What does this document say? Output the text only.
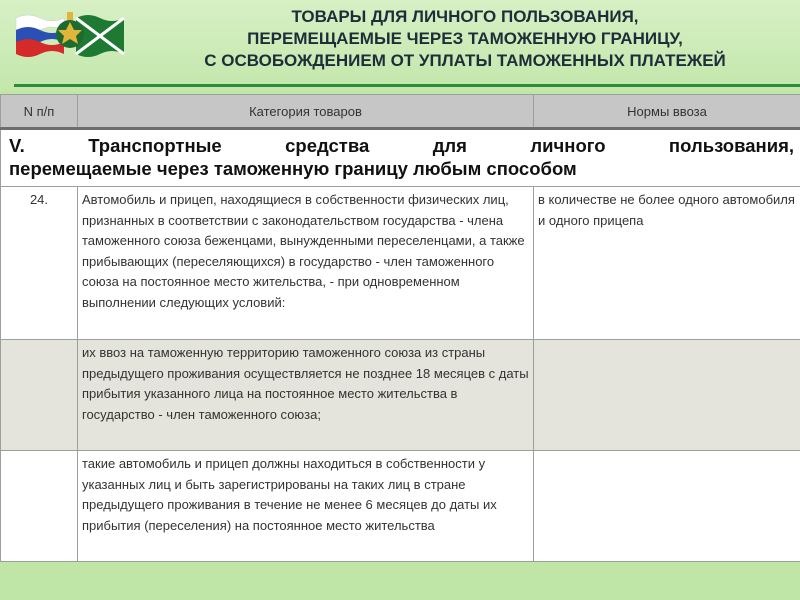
ТОВАРЫ ДЛЯ ЛИЧНОГО ПОЛЬЗОВАНИЯ,
ПЕРЕМЕЩАЕМЫЕ ЧЕРЕЗ ТАМОЖЕННУЮ ГРАНИЦУ,
С ОСВОБОЖДЕНИЕМ ОТ УПЛАТЫ ТАМОЖЕННЫХ ПЛАТЕЖЕЙ
N п/п	Категория товаров	Нормы ввоза

V. Транспортные средства для личного пользования,
перемещаемые через таможенную границу любым способом		

24.	Автомобиль и прицеп, находящиеся в собственности физических лиц, признанных в соответствии с законодательством государства - члена таможенного союза беженцами, вынужденными переселенцами, а также прибывающих (переселяющихся) в государство - член таможенного союза на постоянное место жительства, - при одновременном выполнении следующих условий:	в количестве не более одного автомобиля и одного прицепа
	их ввоз на таможенную территорию таможенного союза из страны предыдущего проживания осуществляется не позднее 18 месяцев с даты прибытия указанного лица на постоянное место жительства в государство - член таможенного союза;	
	такие автомобиль и прицеп должны находиться в собственности у указанных лиц и быть зарегистрированы на таких лиц в стране предыдущего проживания в течение не менее 6 месяцев до даты их прибытия (переселения) на постоянное место жительства	
